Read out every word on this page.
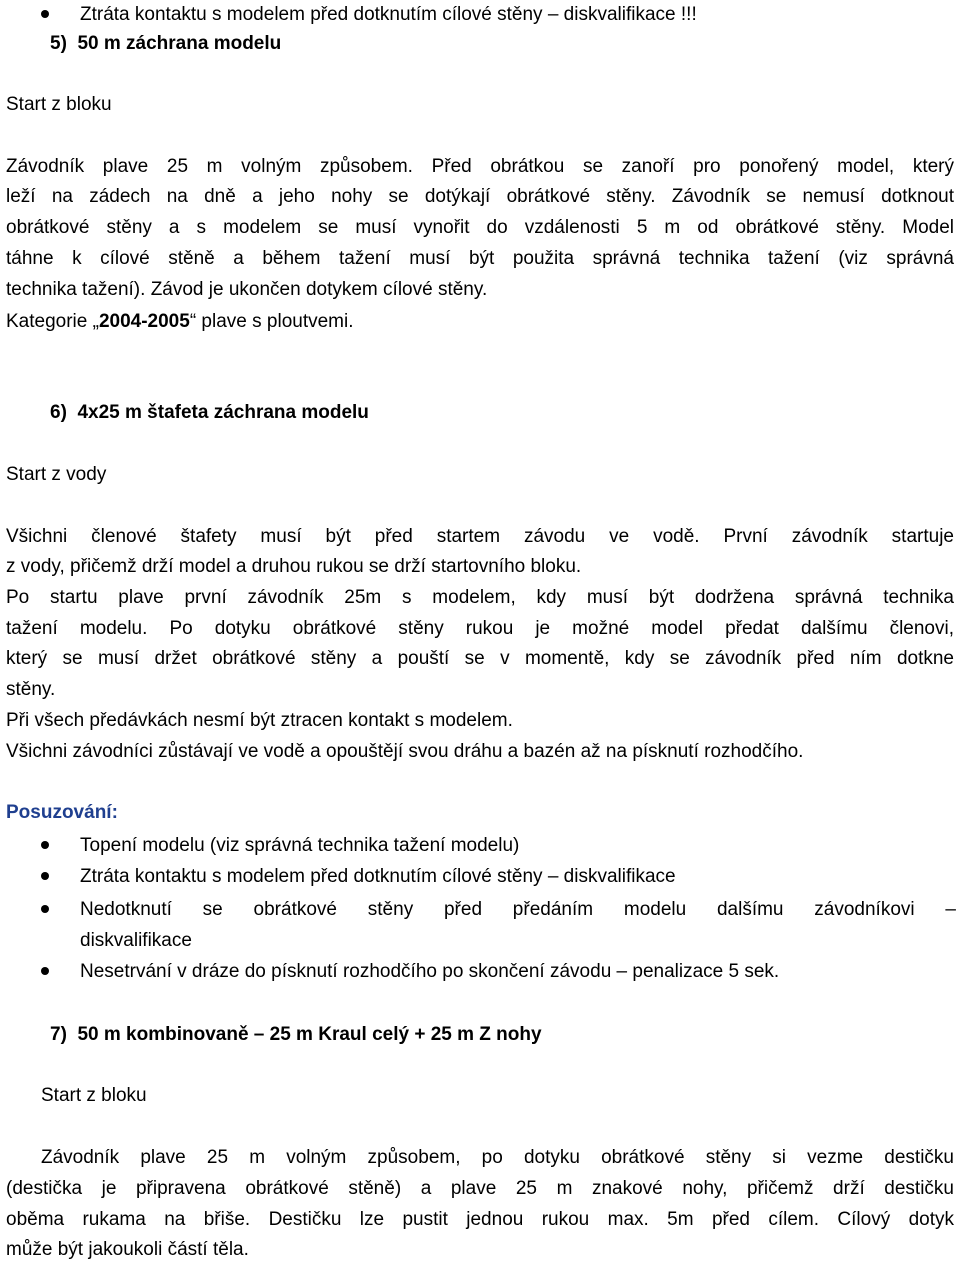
Ztráta kontaktu s modelem před dotknutím cílové stěny – diskvalifikace !!!
5)  50 m záchrana modelu
Start z bloku
Závodník plave 25 m volným způsobem. Před obrátkou se zanoří pro ponořený model, který
leží na zádech na dně a jeho nohy se dotýkají obrátkové stěny. Závodník se nemusí dotknout
obrátkové stěny a s modelem se musí vynořit do vzdálenosti 5 m od obrátkové stěny. Model
táhne k cílové stěně a během tažení musí být použita správná technika tažení (viz správná
technika tažení). Závod je ukončen dotykem cílové stěny.
Kategorie „2004-2005“ plave s ploutvemi.
6)  4x25 m štafeta záchrana modelu
Start z vody
Všichni členové štafety musí být před startem závodu ve vodě. První závodník startuje
z vody, přičemž drží model a druhou rukou se drží startovního bloku.
Po startu plave první závodník 25m s modelem, kdy musí být dodržena správná technika
tažení modelu. Po dotyku obrátkové stěny rukou je možné model předat dalšímu členovi,
který se musí držet obrátkové stěny a pouští se v momentě, kdy se závodník před ním dotkne
stěny.
Při všech předávkách nesmí být ztracen kontakt s modelem.
Všichni závodníci zůstávají ve vodě a opouštějí svou dráhu a bazén až na písknutí rozhodčího.
Posuzování:
Topení modelu (viz správná technika tažení modelu)
Ztráta kontaktu s modelem před dotknutím cílové stěny – diskvalifikace
Nedotknutí se obrátkové stěny před předáním modelu dalšímu závodníkovi –
diskvalifikace
Nesetrvání v dráze do písknutí rozhodčího po skončení závodu – penalizace 5 sek.
7)  50 m kombinovaně – 25 m Kraul celý + 25 m Z nohy
Start z bloku
Závodník plave 25 m volným způsobem, po dotyku obrátkové stěny si vezme destičku
(destička je připravena obrátkové stěně) a plave 25 m znakové nohy, přičemž drží destičku
oběma rukama na břiše. Destičku lze pustit jednou rukou max. 5m před cílem. Cílový dotyk
může být jakoukoli částí těla.
